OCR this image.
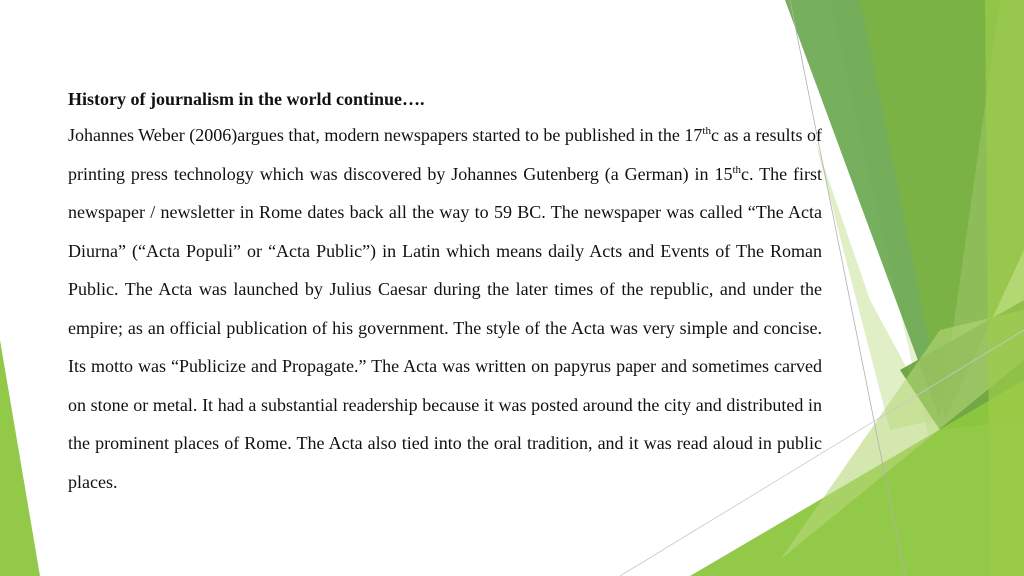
History of journalism in the world continue….

Johannes Weber (2006)argues that, modern newspapers started to be published in the 17thc as a results of printing press technology which was discovered by Johannes Gutenberg (a German) in 15thc. The first newspaper / newsletter in Rome dates back all the way to 59 BC. The newspaper was called “The Acta Diurna” (“Acta Populi” or “Acta Public”) in Latin which means daily Acts and Events of The Roman Public. The Acta was launched by Julius Caesar during the later times of the republic, and under the empire; as an official publication of his government. The style of the Acta was very simple and concise. Its motto was “Publicize and Propagate.” The Acta was written on papyrus paper and sometimes carved on stone or metal. It had a substantial readership because it was posted around the city and distributed in the prominent places of Rome. The Acta also tied into the oral tradition, and it was read aloud in public places.
